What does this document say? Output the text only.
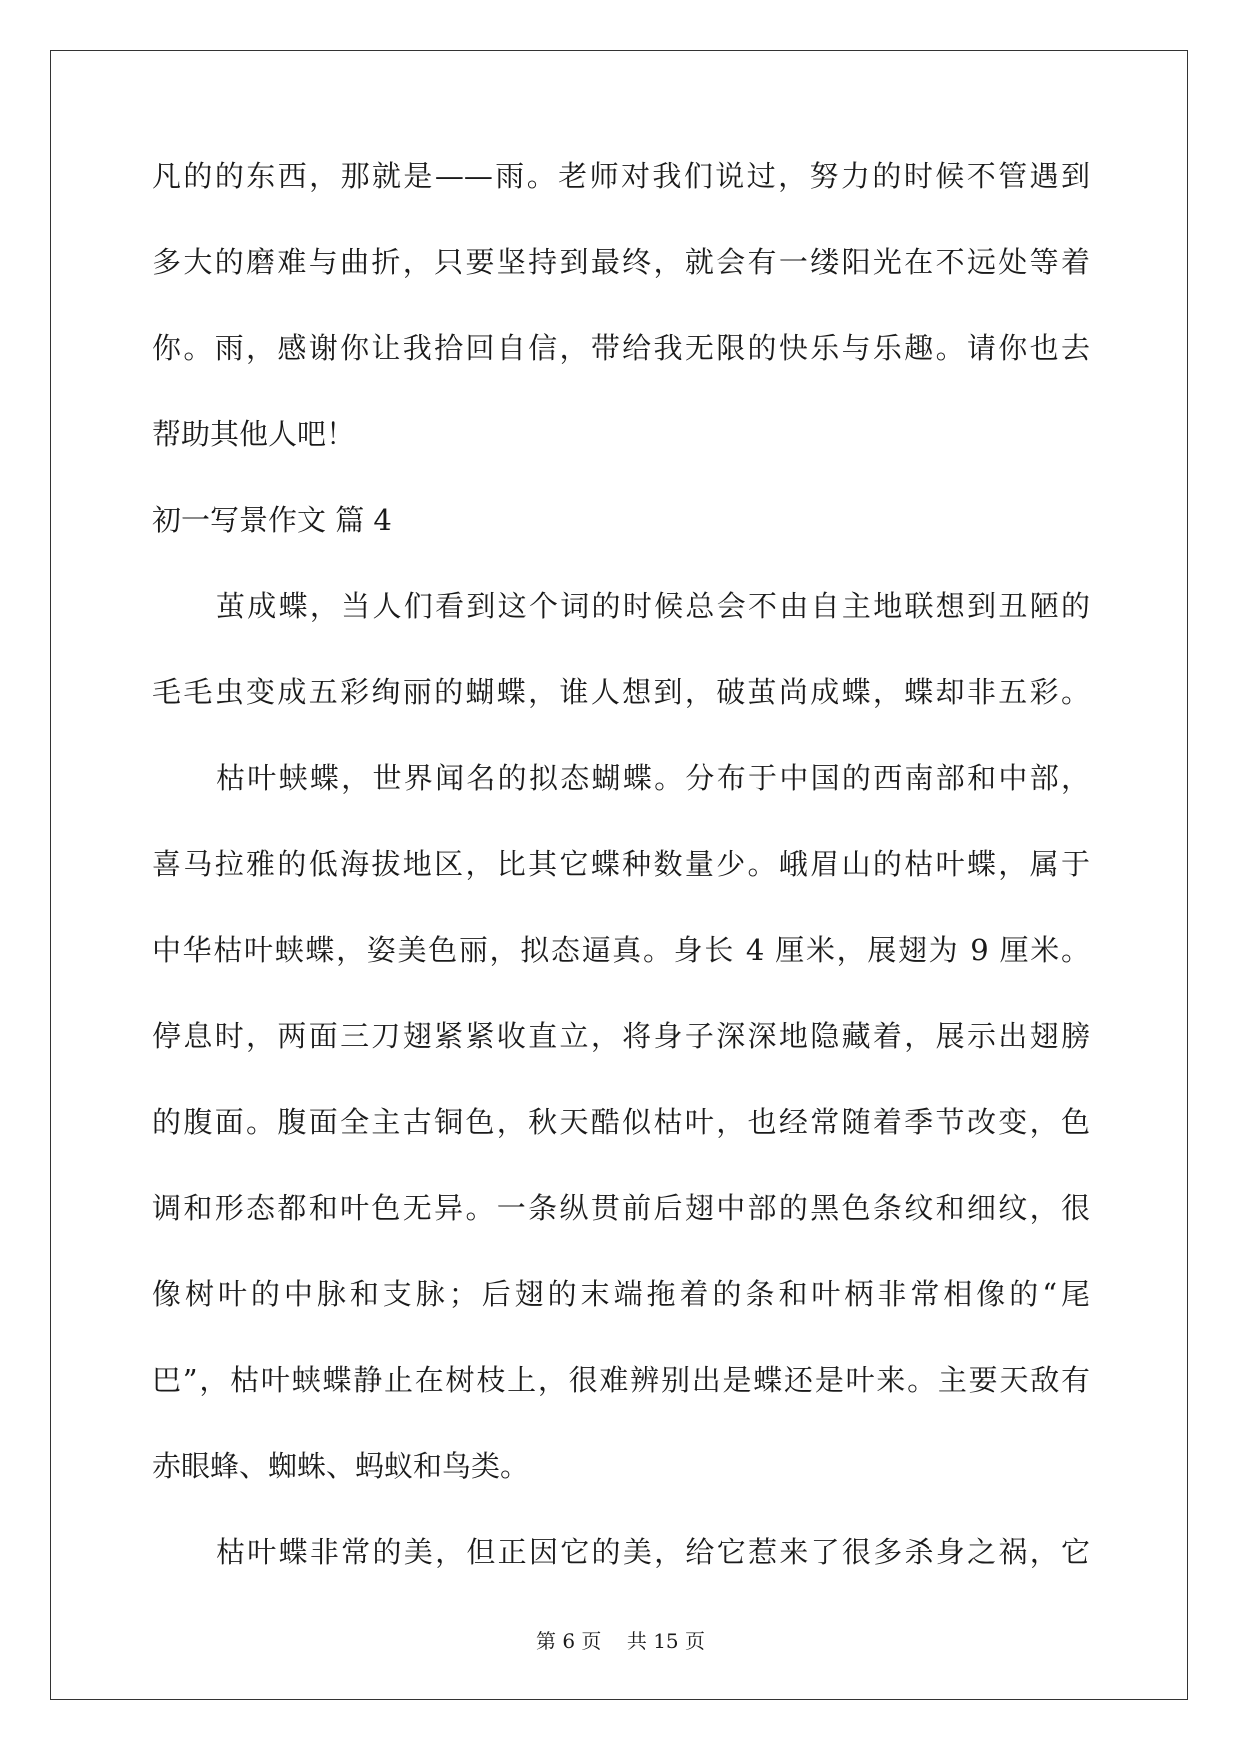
凡的的东西，那就是——雨。老师对我们说过，努力的时候不管遇到
多大的磨难与曲折，只要坚持到最终，就会有一缕阳光在不远处等着
你。雨，感谢你让我拾回自信，带给我无限的快乐与乐趣。请你也去
帮助其他人吧！
初一写景作文 篇 4
茧成蝶，当人们看到这个词的时候总会不由自主地联想到丑陋的
毛毛虫变成五彩绚丽的蝴蝶，谁人想到，破茧尚成蝶，蝶却非五彩。
枯叶蛱蝶，世界闻名的拟态蝴蝶。分布于中国的西南部和中部，
喜马拉雅的低海拔地区，比其它蝶种数量少。峨眉山的枯叶蝶，属于
中华枯叶蛱蝶，姿美色丽，拟态逼真。身长 4 厘米，展翅为 9 厘米。
停息时，两面三刀翅紧紧收直立，将身子深深地隐藏着，展示出翅膀
的腹面。腹面全主古铜色，秋天酷似枯叶，也经常随着季节改变，色
调和形态都和叶色无异。一条纵贯前后翅中部的黑色条纹和细纹，很
像树叶的中脉和支脉；后翅的末端拖着的条和叶柄非常相像的“尾
巴”，枯叶蛱蝶静止在树枝上，很难辨别出是蝶还是叶来。主要天敌有
赤眼蜂、蜘蛛、蚂蚁和鸟类。
枯叶蝶非常的美，但正因它的美，给它惹来了很多杀身之祸，它
第 6 页    共 15 页
